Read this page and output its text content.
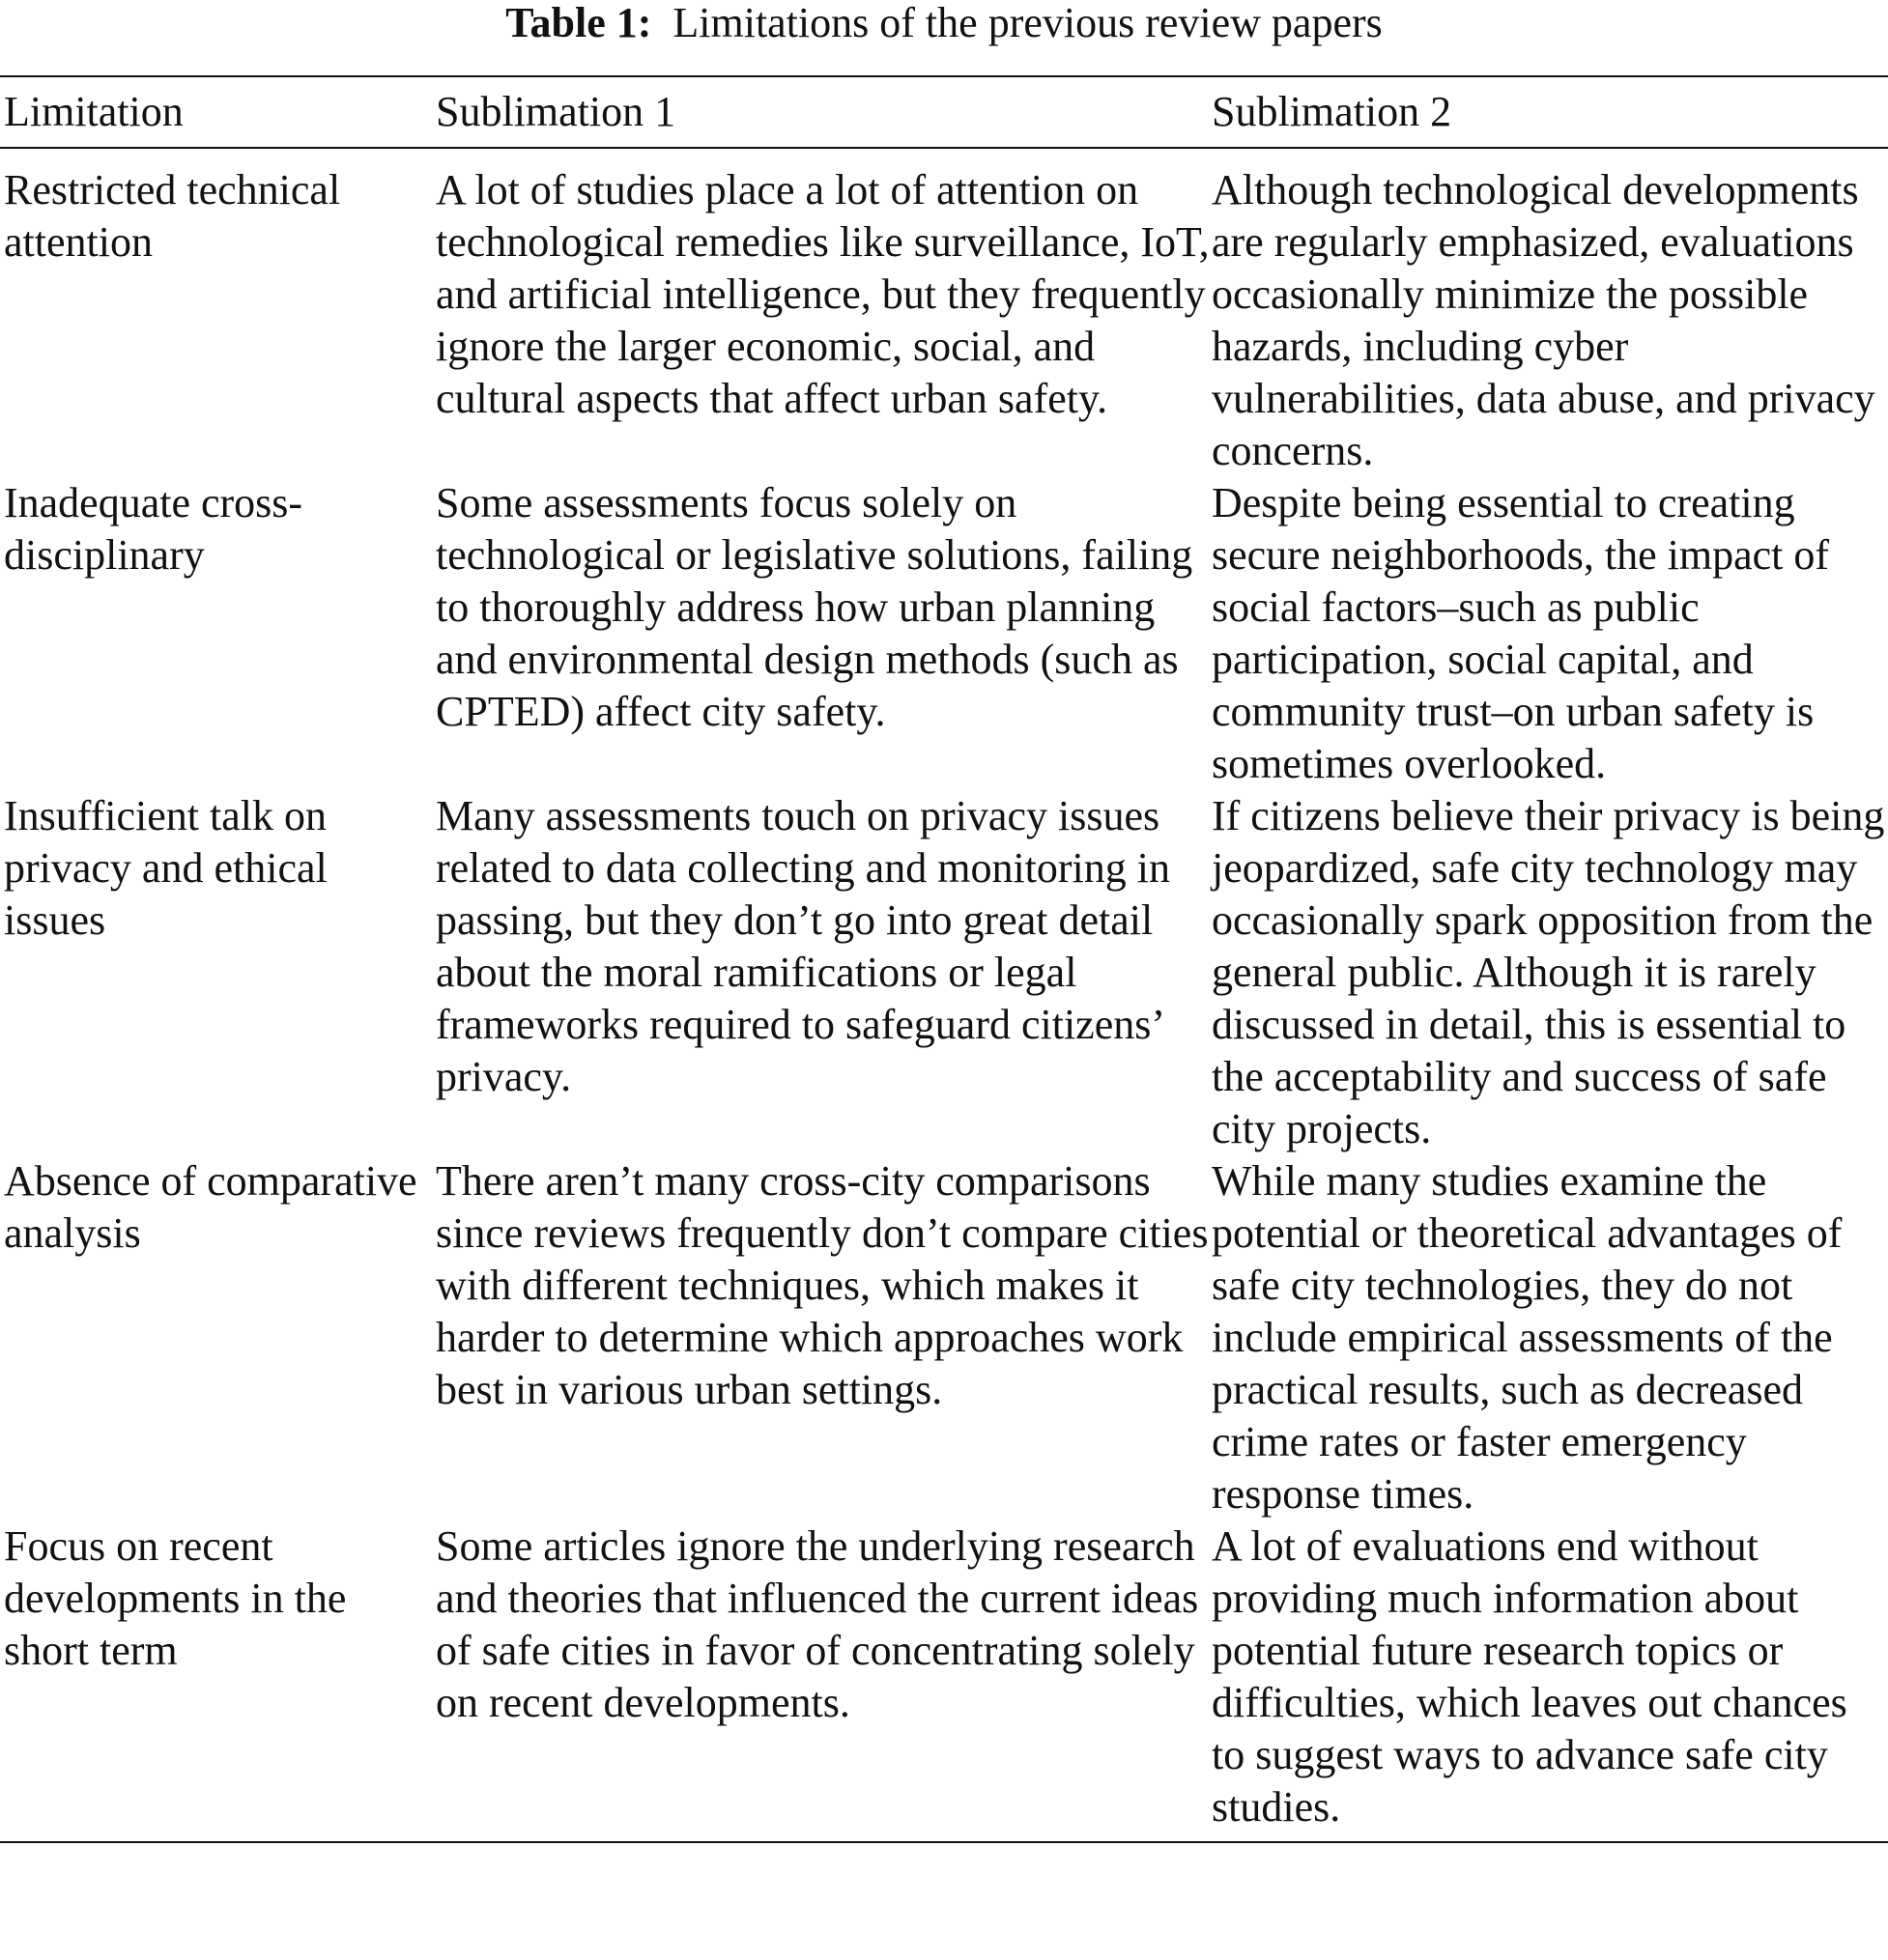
Table 1: Limitations of the previous review papers
Limitation	Sublimation 1	Sublimation 2
Restricted technical attention
A lot of studies place a lot of attention on technological remedies like surveillance, IoT, and artificial intelligence, but they frequently ignore the larger economic, social, and cultural aspects that affect urban safety.
Although technological developments are regularly emphasized, evaluations occasionally minimize the possible hazards, including cyber vulnerabilities, data abuse, and privacy concerns.
Inadequate cross-disciplinary
Some assessments focus solely on technological or legislative solutions, failing to thoroughly address how urban planning and environmental design methods (such as CPTED) affect city safety.
Despite being essential to creating secure neighborhoods, the impact of social factors–such as public participation, social capital, and community trust–on urban safety is sometimes overlooked.
Insufficient talk on privacy and ethical issues
Many assessments touch on privacy issues related to data collecting and monitoring in passing, but they don’t go into great detail about the moral ramifications or legal frameworks required to safeguard citizens’ privacy.
If citizens believe their privacy is being jeopardized, safe city technology may occasionally spark opposition from the general public. Although it is rarely discussed in detail, this is essential to the acceptability and success of safe city projects.
Absence of comparative analysis
There aren’t many cross-city comparisons since reviews frequently don’t compare cities with different techniques, which makes it harder to determine which approaches work best in various urban settings.
While many studies examine the potential or theoretical advantages of safe city technologies, they do not include empirical assessments of the practical results, such as decreased crime rates or faster emergency response times.
Focus on recent developments in the short term
Some articles ignore the underlying research and theories that influenced the current ideas of safe cities in favor of concentrating solely on recent developments.
A lot of evaluations end without providing much information about potential future research topics or difficulties, which leaves out chances to suggest ways to advance safe city studies.
